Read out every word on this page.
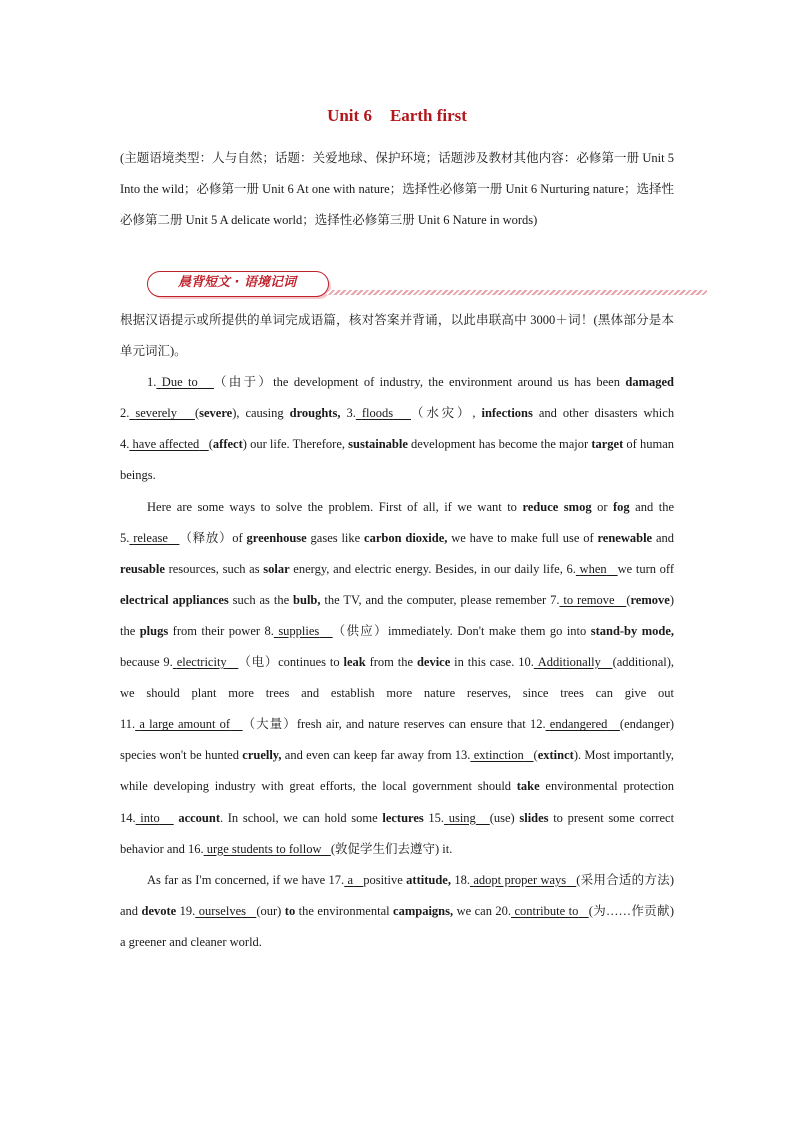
Unit 6 Earth first
(主题语境类型：人与自然；话题：关爱地球、保护环境；话题涉及教材其他内容：必修第一册 Unit 5 Into the wild；必修第一册 Unit 6 At one with nature；选择性必修第一册 Unit 6 Nurturing nature；选择性必修第二册 Unit 5 A delicate world；选择性必修第三册 Unit 6 Nature in words)
晨背短文 · 语境记词

根据汉语提示或所提供的单词完成语篇，核对答案并背诵，以此串联高中 3000＋词！(黑体部分是本单元词汇)。

1. Due to （由于）the development of industry, the environment around us has been damaged 2. severely (severe), causing droughts, 3. floods （水灾）, infections and other disasters which 4. have affected (affect) our life. Therefore, sustainable development has become the major target of human beings.

Here are some ways to solve the problem. First of all, if we want to reduce smog or fog and the 5. release （释放）of greenhouse gases like carbon dioxide, we have to make full use of renewable and reusable resources, such as solar energy, and electric energy. Besides, in our daily life, 6. when we turn off electrical appliances such as the bulb, the TV, and the computer, please remember 7. to remove (remove) the plugs from their power 8. supplies （供应）immediately. Don't make them go into stand-by mode, because 9. electricity （电）continues to leak from the device in this case. 10. Additionally (additional), we should plant more trees and establish more nature reserves, since trees can give out 11. a large amount of （大量）fresh air, and nature reserves can ensure that 12. endangered (endanger) species won't be hunted cruelly, and even can keep far away from 13. extinction (extinct). Most importantly, while developing industry with great efforts, the local government should take environmental protection 14. into account. In school, we can hold some lectures 15. using (use) slides to present some correct behavior and 16. urge students to follow (敦促学生们去遵守) it.

As far as I'm concerned, if we have 17. a positive attitude, 18. adopt proper ways (采用合适的方法) and devote 19. ourselves (our) to the environmental campaigns, we can 20. contribute to (为……作贡献) a greener and cleaner world.
